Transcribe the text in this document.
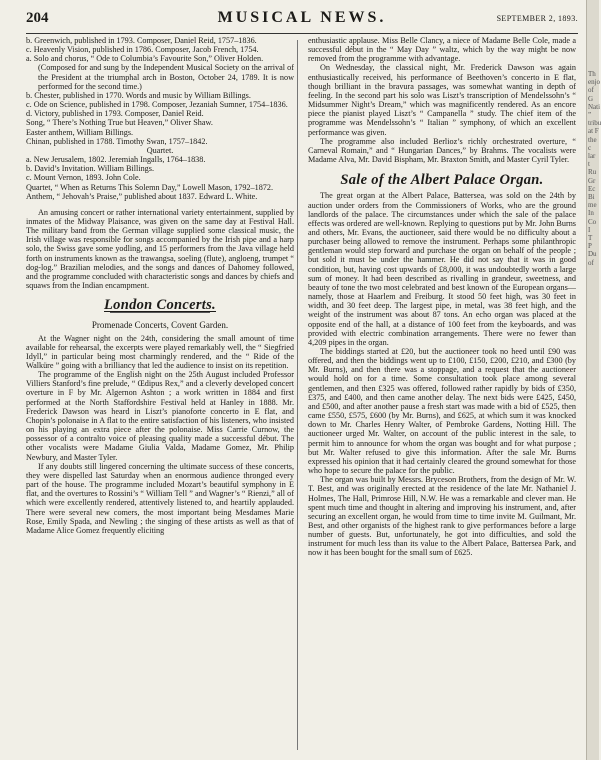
204	MUSICAL NEWS.	SEPTEMBER 2, 1893.

b. Greenwich, published in 1793. Composer, Daniel Reid, 1757–1836.

c. Heavenly Vision, published in 1786. Composer, Jacob French, 1754.

a. Solo and chorus, “ Ode to Columbia’s Favourite Son,” Oliver Holden.

(Composed for and sung by the Independent Musical Society on the arrival of the President at the triumphal arch in Boston, October 24, 1789. It is now performed for the second time.)

b. Chester, published in 1770. Words and music by William Billings.

c. Ode on Science, published in 1798. Composer, Jezaniah Sumner, 1754–1836.

d. Victory, published in 1793. Composer, Daniel Reid.

Song, “ There’s Nothing True but Heaven,” Oliver Shaw.

Easter anthem, William Billings.

Chinan, published in 1788. Timothy Swan, 1757–1842.

Quartet.

a. New Jerusalem, 1802. Jeremiah Ingalls, 1764–1838.

b. David’s Invitation. William Billings.

c. Mount Vernon, 1893. John Cole.

Quartet, “ When as Returns This Solemn Day,” Lowell Mason, 1792–1872.

Anthem, “ Jehovah’s Praise,” published about 1837. Edward L. White.

An amusing concert or rather international variety entertainment, supplied by inmates of the Midway Plaisance, was given on the same day at Festival Hall. The military band from the German village supplied some classical music, the Irish village was responsible for songs accompanied by the Irish pipe and a harp solo, the Swiss gave some yodling, and 15 performers from the Java village held forth on instruments known as the trawangsa, soeling (flute), angloeng, trumpet “ dog-log.” Brazilian melodies, and the songs and dances of Dahomey followed, and the programme concluded with characteristic songs and dances by chiefs and squaws from the Indian encampment.

London Concerts.
Promenade Concerts, Covent Garden.

At the Wagner night on the 24th, considering the small amount of time available for rehearsal, the excerpts were played remarkably well, the “ Siegfried Idyll,” in particular being most charmingly rendered, and the “ Ride of the Walküre ” going with a brilliancy that led the audience to insist on its repetition.

The programme of the English night on the 25th August included Professor Villiers Stanford’s fine prelude, “ Œdipus Rex,” and a cleverly developed concert overture in F by Mr. Algernon Ashton ; a work written in 1884 and first performed at the North Staffordshire Festival held at Hanley in 1888. Mr. Frederick Dawson was heard in Liszt’s pianoforte concerto in E flat, and Chopin’s polonaise in A flat to the entire satisfaction of his listeners, who insisted on his playing an extra piece after the polonaise. Miss Carrie Curnow, the possessor of a contralto voice of pleasing quality made a successful début. The other vocalists were Madame Giulia Valda, Madame Gomez, Mr. Philip Newbury, and Master Tyler.

If any doubts still lingered concerning the ultimate success of these concerts, they were dispelled last Saturday when an enormous audience thronged every part of the house. The programme included Mozart’s beautiful symphony in E flat, and the overtures to Rossini’s “ William Tell ” and Wagner’s “ Rienzi,” all of which were excellently rendered, attentively listened to, and heartily applauded. There were several new comers, the most important being Mesdames Marie Rose, Emily Spada, and Newling ; the singing of these artists as well as that of Madame Alice Gomez frequently eliciting

enthusiastic applause. Miss Belle Clancy, a niece of Madame Belle Cole, made a successful début in the “ May Day ” waltz, which by the way might be now removed from the programme with advantage.

On Wednesday, the classical night, Mr. Frederick Dawson was again enthusiastically received, his performance of Beethoven’s concerto in E flat, though brilliant in the bravura passages, was somewhat wanting in depth of feeling. In the second part his solo was Liszt’s transcription of Mendelssohn’s “ Midsummer Night’s Dream,” which was magnificently rendered. As an encore piece the pianist played Liszt’s “ Campanella ” study. The chief item of the programme was Mendelssohn’s “ Italian ” symphony, of which an excellent performance was given.

The programme also included Berlioz’s richly orchestrated overture, “ Carneval Romain,” and “ Hungarian Dances,” by Brahms. The vocalists were Madame Alva, Mr. David Bispham, Mr. Braxton Smith, and Master Cyril Tyler.

Sale of the Albert Palace Organ.

The great organ at the Albert Palace, Battersea, was sold on the 24th by auction under orders from the Commissioners of Works, who are the ground landlords of the palace. The circumstances under which the sale of the palace effects was ordered are well-known. Replying to questions put by Mr. John Burns and others, Mr. Evans, the auctioneer, said there would be no difficulty about a purchaser being allowed to remove the instrument. Perhaps some philanthropic gentleman would step forward and purchase the organ on behalf of the people ; but sold it must be under the hammer. He did not say that it was in good condition, but, having cost upwards of £8,000, it was undoubtedly worth a large sum of money. It had been described as rivalling in grandeur, sweetness, and beauty of tone the two most celebrated and best known of the European organs—namely, those at Haarlem and Freiburg. It stood 50 feet high, was 30 feet in width, and 30 feet deep. The largest pipe, in metal, was 38 feet high, and the weight of the instrument was about 87 tons. An echo organ was placed at the opposite end of the hall, at a distance of 100 feet from the keyboards, and was provided with electric combination arrangements. There were no fewer than 4,209 pipes in the organ.

The biddings started at £20, but the auctioneer took no heed until £90 was offered, and then the biddings went up to £100, £150, £200, £210, and £300 (by Mr. Burns), and then there was a stoppage, and a request that the auctioneer would hold on for a time. Some consultation took place among several gentlemen, and then £325 was offered, followed rather rapidly by bids of £350, £375, and £400, and then came another delay. The next bids were £425, £450, and £500, and after another pause a fresh start was made with a bid of £525, then came £550, £575, £600 (by Mr. Burns), and £625, at which sum it was knocked down to Mr. Charles Henry Walter, of Pembroke Gardens, Notting Hill. The auctioneer urged Mr. Walter, on account of the public interest in the sale, to permit him to announce for whom the organ was bought and for what purpose ; but Mr. Walter refused to give this information. After the sale Mr. Burns expressed his opinion that it had certainly cleared the ground somewhat for those who hope to secure the palace for the public.

The organ was built by Messrs. Bryceson Brothers, from the design of Mr. W. T. Best, and was originally erected at the residence of the late Mr. Nathaniel J. Holmes, The Hall, Primrose Hill, N.W. He was a remarkable and clever man. He spent much time and thought in altering and improving his instrument, and, after securing an excellent organ, he would from time to time invite M. Guilmant, Mr. Best, and other organists of the highest rank to give performances before a large number of guests. But, unfortunately, he got into difficulties, and sold the instrument for much less than its value to the Albert Palace, Battersea Park, and now it has been bought for the small sum of £625.

Th
enjo
of G
Nati
”
tribu
at F
the c
lar t
Ru
Gr
Ec
Bi
me
In
Co
I
T
P
Du
of
